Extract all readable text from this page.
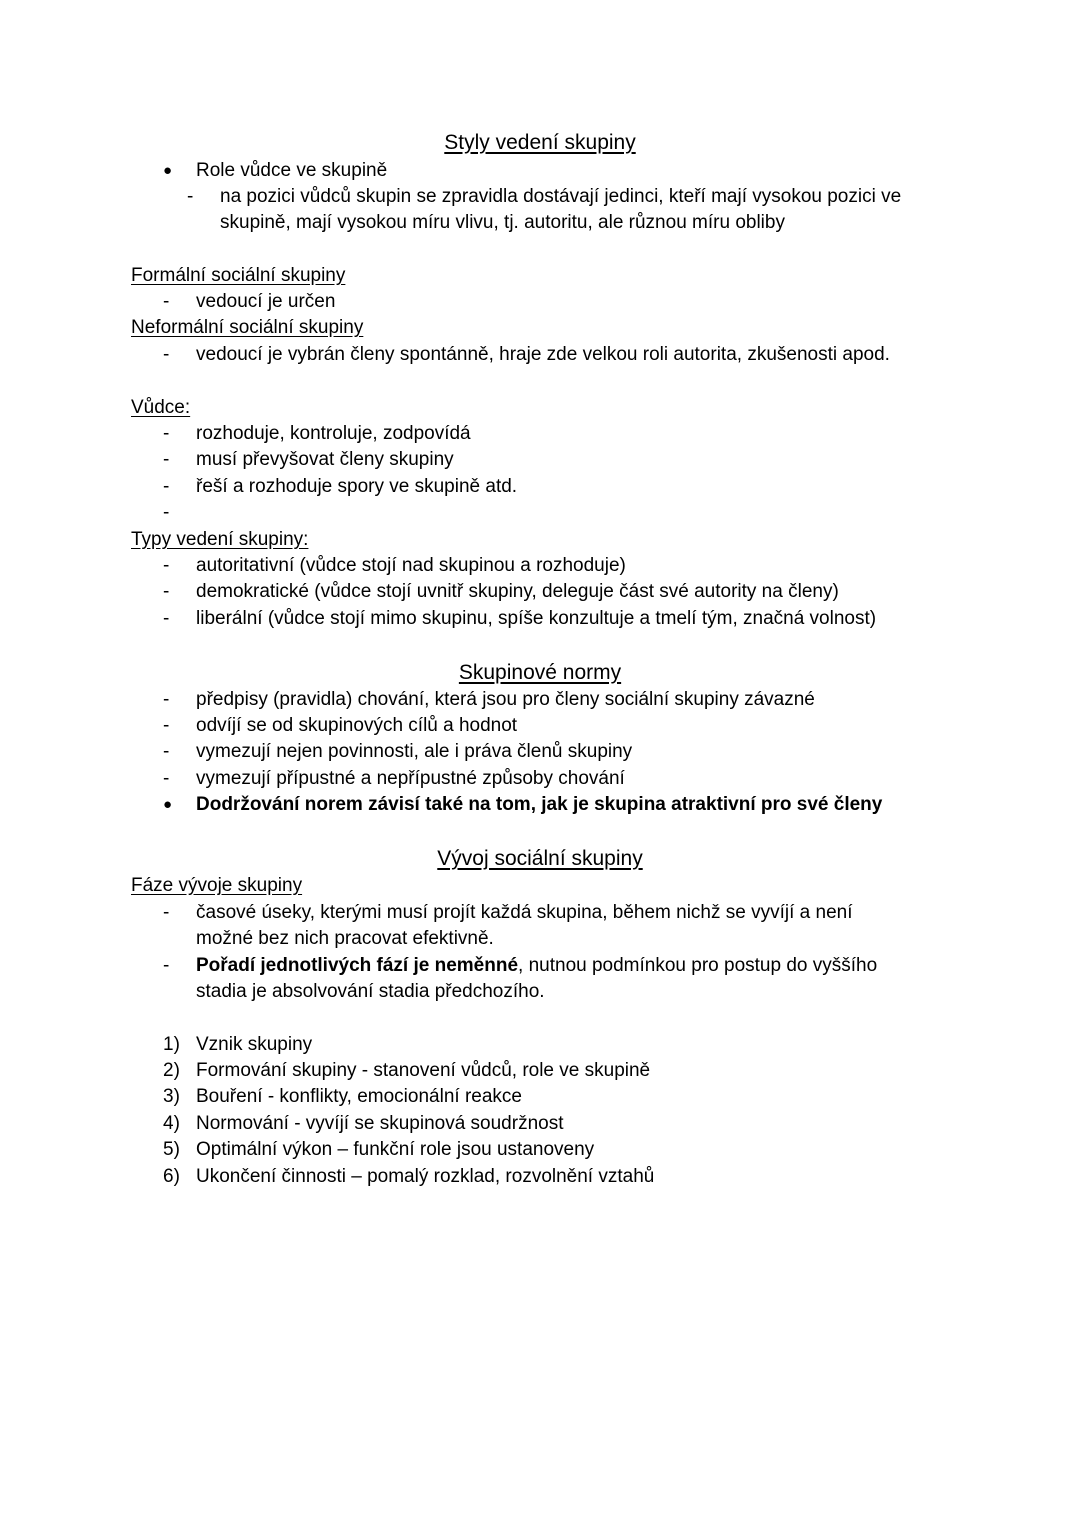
Styly vedení skupiny
●	Role vůdce ve skupině
-	na pozici vůdců skupin se zpravidla dostávají jedinci, kteří mají vysokou pozici ve
skupině, mají vysokou míru vlivu, tj. autoritu, ale různou míru obliby
Formální sociální skupiny
-	vedoucí je určen
Neformální sociální skupiny
-	vedoucí je vybrán členy spontánně, hraje zde velkou roli autorita, zkušenosti apod.
Vůdce:
-	rozhoduje, kontroluje, zodpovídá
-	musí převyšovat členy skupiny
-	řeší a rozhoduje spory ve skupině atd.
-
Typy vedení skupiny:
-	autoritativní (vůdce stojí nad skupinou a rozhoduje)
-	demokratické (vůdce stojí uvnitř skupiny, deleguje část své autority na členy)
-	liberální (vůdce stojí mimo skupinu, spíše konzultuje a tmelí tým, značná volnost)
Skupinové normy
-	předpisy (pravidla) chování, která jsou pro členy sociální skupiny závazné
-	odvíjí se od skupinových cílů a hodnot
-	vymezují nejen povinnosti, ale i práva členů skupiny
-	vymezují přípustné a nepřípustné způsoby chování
●	Dodržování norem závisí také na tom, jak je skupina atraktivní pro své členy
Vývoj sociální skupiny
Fáze vývoje skupiny
-	časové úseky, kterými musí projít každá skupina, během nichž se vyvíjí a není
možné bez nich pracovat efektivně.
-	Pořadí jednotlivých fází je neměnné, nutnou podmínkou pro postup do vyššího
stadia je absolvování stadia předchozího.
1) Vznik skupiny
2) Formování skupiny - stanovení vůdců, role ve skupině
3) Bouření - konflikty, emocionální reakce
4) Normování - vyvíjí se skupinová soudržnost
5) Optimální výkon – funkční role jsou ustanoveny
6) Ukončení činnosti – pomalý rozklad, rozvolnění vztahů
